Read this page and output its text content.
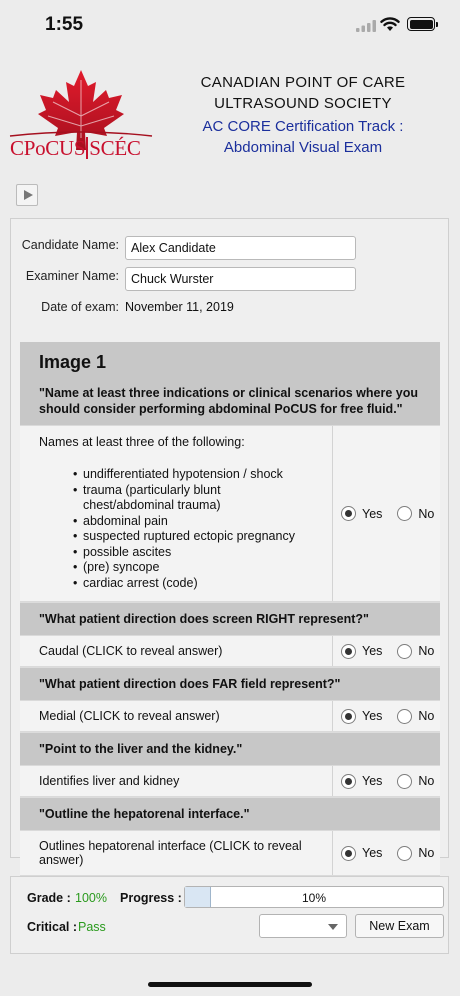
1:55
CPoCUS SCÉC
CANADIAN POINT OF CARE
ULTRASOUND SOCIETY
AC CORE Certification Track :
Abdominal Visual Exam
Candidate Name:
Alex Candidate
Examiner Name:
Chuck Wurster
Date of exam: November 11, 2019
Image 1
"Name at least three indications or clinical scenarios where you should consider performing abdominal PoCUS for free fluid."
Names at least three of the following:
• undifferentiated hypotension / shock
• trauma (particularly blunt chest/abdominal trauma)
• abdominal pain
• suspected ruptured ectopic pregnancy
• possible ascites
• (pre) syncope
• cardiac arrest (code)
Yes	No
"What patient direction does screen RIGHT represent?"
Caudal (CLICK to reveal answer)	Yes	No
"What patient direction does FAR field represent?"
Medial (CLICK to reveal answer)	Yes	No
"Point to the liver and the kidney."
Identifies liver and kidney	Yes	No
"Outline the hepatorenal interface."
Outlines hepatorenal interface (CLICK to reveal answer)	Yes	No
Grade : 100% Progress :	10%
Critical : Pass	New Exam
